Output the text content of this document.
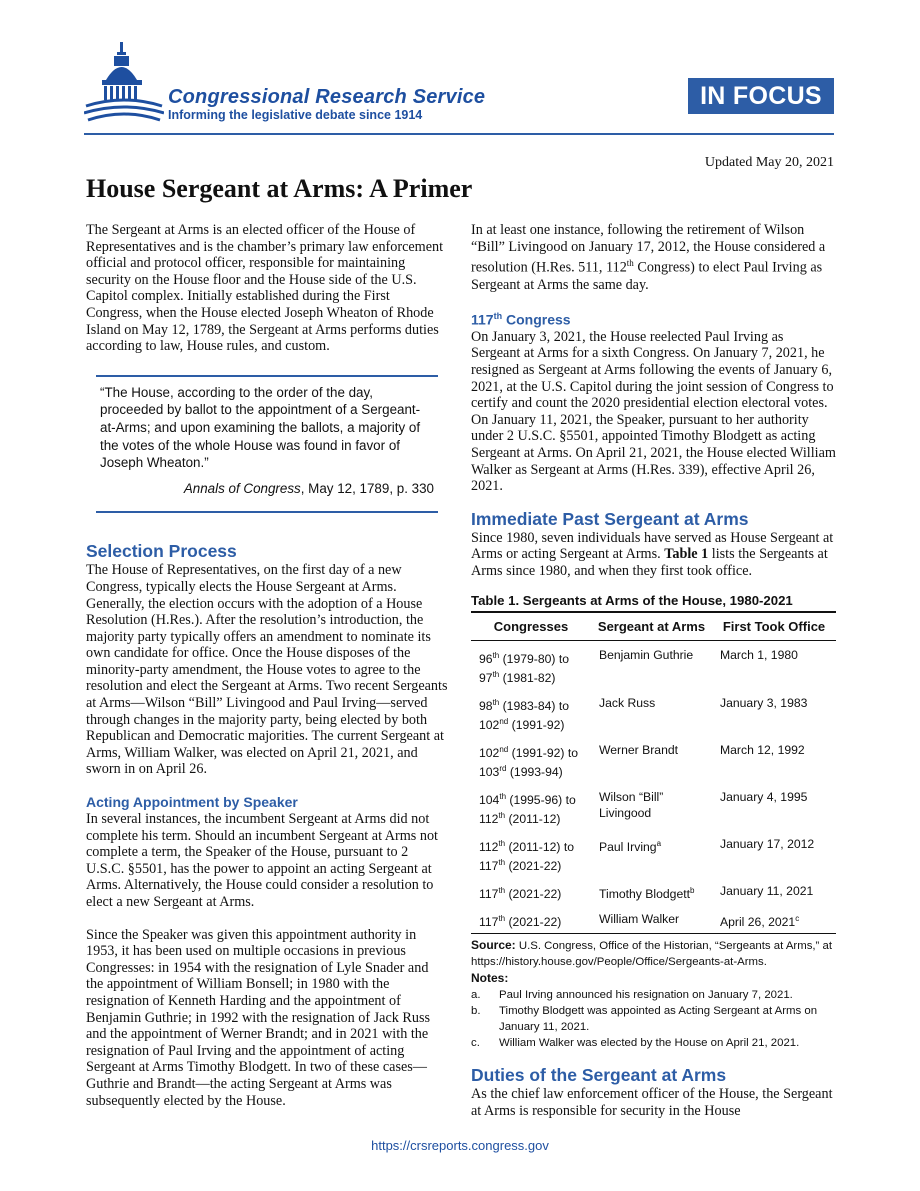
Congressional Research Service
Informing the legislative debate since 1914
IN FOCUS
Updated May 20, 2021
House Sergeant at Arms: A Primer

The Sergeant at Arms is an elected officer of the House of Representatives and is the chamber’s primary law enforcement official and protocol officer, responsible for maintaining security on the House floor and the House side of the U.S. Capitol complex. Initially established during the First Congress, when the House elected Joseph Wheaton of Rhode Island on May 12, 1789, the Sergeant at Arms performs duties according to law, House rules, and custom.

“The House, according to the order of the day, proceeded by ballot to the appointment of a Sergeant-at-Arms; and upon examining the ballots, a majority of the votes of the whole House was found in favor of Joseph Wheaton.”
Annals of Congress, May 12, 1789, p. 330
Selection Process

The House of Representatives, on the first day of a new Congress, typically elects the House Sergeant at Arms. Generally, the election occurs with the adoption of a House Resolution (H.Res.). After the resolution’s introduction, the majority party typically offers an amendment to nominate its own candidate for office. Once the House disposes of the minority-party amendment, the House votes to agree to the resolution and elect the Sergeant at Arms. Two recent Sergeants at Arms—Wilson “Bill” Livingood and Paul Irving—served through changes in the majority party, being elected by both Republican and Democratic majorities. The current Sergeant at Arms, William Walker, was elected on April 21, 2021, and sworn in on April 26.

Acting Appointment by Speaker

In several instances, the incumbent Sergeant at Arms did not complete his term. Should an incumbent Sergeant at Arms not complete a term, the Speaker of the House, pursuant to 2 U.S.C. §5501, has the power to appoint an acting Sergeant at Arms. Alternatively, the House could consider a resolution to elect a new Sergeant at Arms.

Since the Speaker was given this appointment authority in 1953, it has been used on multiple occasions in previous Congresses: in 1954 with the resignation of Lyle Snader and the appointment of William Bonsell; in 1980 with the resignation of Kenneth Harding and the appointment of Benjamin Guthrie; in 1992 with the resignation of Jack Russ and the appointment of Werner Brandt; and in 2021 with the resignation of Paul Irving and the appointment of acting Sergeant at Arms Timothy Blodgett. In two of these cases—Guthrie and Brandt—the acting Sergeant at Arms was subsequently elected by the House.

In at least one instance, following the retirement of Wilson “Bill” Livingood on January 17, 2012, the House considered a resolution (H.Res. 511, 112th Congress) to elect Paul Irving as Sergeant at Arms the same day.

117th Congress

On January 3, 2021, the House reelected Paul Irving as Sergeant at Arms for a sixth Congress. On January 7, 2021, he resigned as Sergeant at Arms following the events of January 6, 2021, at the U.S. Capitol during the joint session of Congress to certify and count the 2020 presidential election electoral votes. On January 11, 2021, the Speaker, pursuant to her authority under 2 U.S.C. §5501, appointed Timothy Blodgett as acting Sergeant at Arms. On April 21, 2021, the House elected William Walker as Sergeant at Arms (H.Res. 339), effective April 26, 2021.

Immediate Past Sergeant at Arms

Since 1980, seven individuals have served as House Sergeant at Arms or acting Sergeant at Arms. Table 1 lists the Sergeants at Arms since 1980, and when they first took office.

Table 1. Sergeants at Arms of the House, 1980-2021
Congresses	Sergeant at Arms	First Took Office
96th (1979-80) to
97th (1981-82)	Benjamin Guthrie	March 1, 1980
98th (1983-84) to
102nd (1991-92)	Jack Russ	January 3, 1983
102nd (1991-92) to
103rd (1993-94)	Werner Brandt	March 12, 1992
104th (1995-96) to
112th (2011-12)	Wilson “Bill” Livingood	January 4, 1995
112th (2011-12) to
117th (2021-22)	Paul Irving$^a$	January 17, 2012
117th (2021-22)	Timothy Blodgett$^b$	January 11, 2021
117th (2021-22)	William Walker	April 26, 2021$^c$
Source: U.S. Congress, Office of the Historian, “Sergeants at Arms,” at https://history.house.gov/People/Office/Sergeants-at-Arms.
Notes:
a.	Paul Irving announced his resignation on January 7, 2021.
b.	Timothy Blodgett was appointed as Acting Sergeant at Arms on January 11, 2021.
c.	William Walker was elected by the House on April 21, 2021.
Duties of the Sergeant at Arms

As the chief law enforcement officer of the House, the Sergeant at Arms is responsible for security in the House

https://crsreports.congress.gov
